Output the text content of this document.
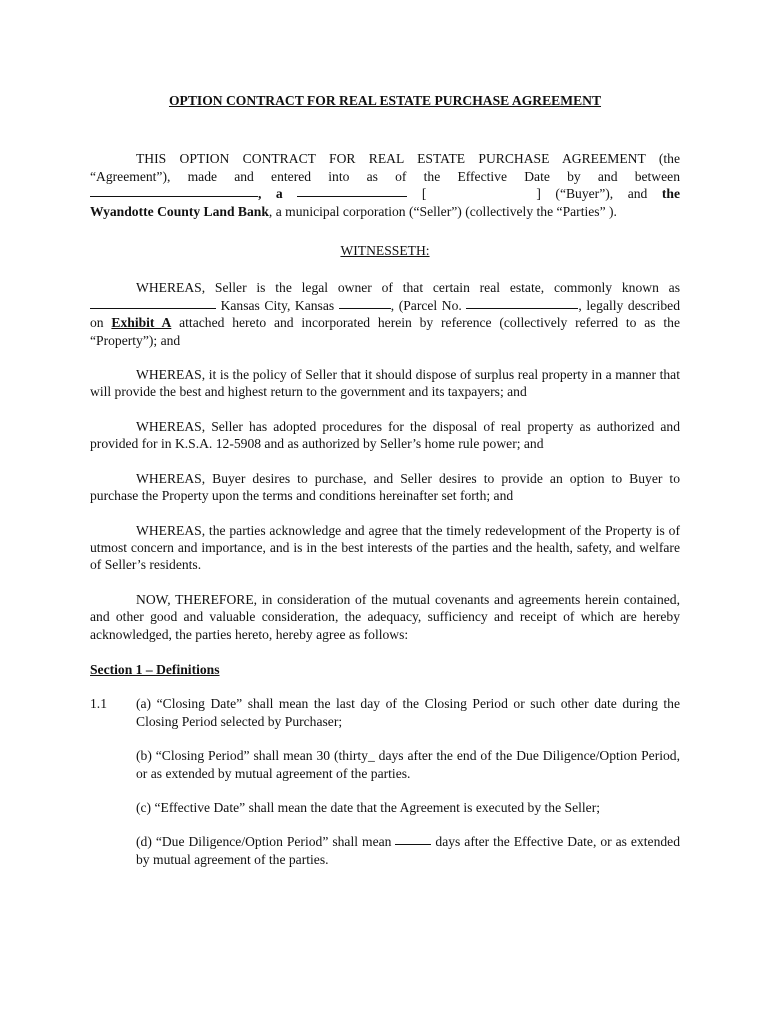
OPTION CONTRACT FOR REAL ESTATE PURCHASE AGREEMENT

THIS OPTION CONTRACT FOR REAL ESTATE PURCHASE AGREEMENT (the “Agreement”), made and entered into as of the Effective Date by and between, a	[	] (“Buyer”), and the Wyandotte County Land Bank, a municipal corporation (“Seller”) (collectively the “Parties” ).

WITNESSETH:

WHEREAS, Seller is the legal owner of that certain real estate, commonly known as  Kansas City, Kansas	, (Parcel No.	, legally described on Exhibit A attached hereto and incorporated herein by reference (collectively referred to as the “Property”); and

WHEREAS, it is the policy of Seller that it should dispose of surplus real property in a manner that will provide the best and highest return to the government and its taxpayers; and

WHEREAS, Seller has adopted procedures for the disposal of real property as authorized and provided for in K.S.A. 12-5908 and as authorized by Seller’s home rule power; and

WHEREAS, Buyer desires to purchase, and Seller desires to provide an option to Buyer to purchase the Property upon the terms and conditions hereinafter set forth; and

WHEREAS, the parties acknowledge and agree that the timely redevelopment of the Property is of utmost concern and importance, and is in the best interests of the parties and the health, safety, and welfare of Seller’s residents.

NOW, THEREFORE, in consideration of the mutual covenants and agreements herein contained, and other good and valuable consideration, the adequacy, sufficiency and receipt of which are hereby acknowledged, the parties hereto, hereby agree as follows:

Section 1 – Definitions

1.1	(a) “Closing Date” shall mean the last day of the Closing Period or such other date during the Closing Period selected by Purchaser;

(b) “Closing Period” shall mean 30 (thirty_ days after the end of the Due Diligence/Option Period, or as extended by mutual agreement of the parties.

(c) “Effective Date” shall mean the date that the Agreement is executed by the Seller;

(d) “Due Diligence/Option Period” shall mean	days after the Effective Date, or as extended by mutual agreement of the parties.
